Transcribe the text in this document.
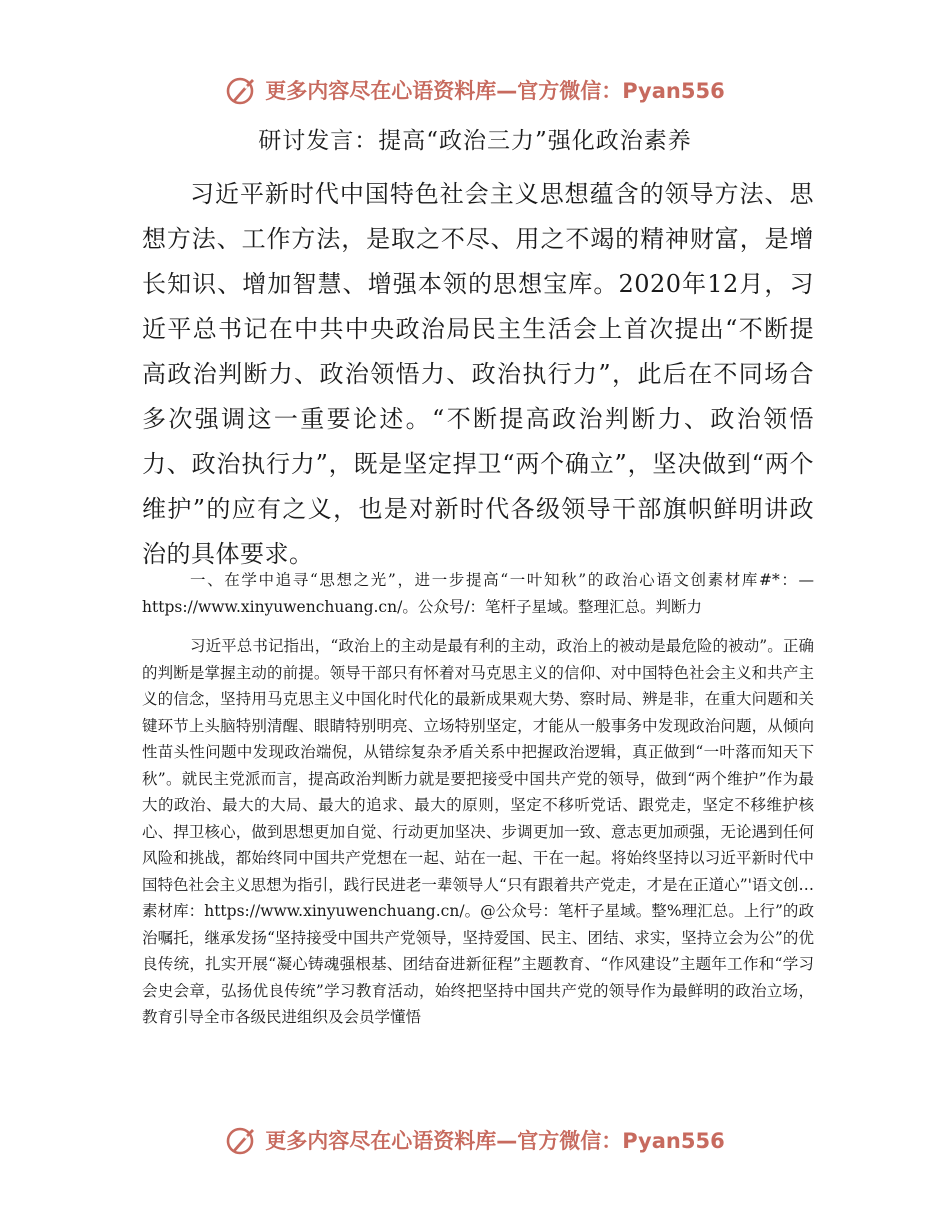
更多内容尽在心语资料库—官方微信：Pyan556
研讨发言：提高“政治三力”强化政治素养

习近平新时代中国特色社会主义思想蕴含的领导方法、思想方法、工作方法，是取之不尽、用之不竭的精神财富，是增长知识、增加智慧、增强本领的思想宝库。2020年12月，习近平总书记在中共中央政治局民主生活会上首次提出“不断提高政治判断力、政治领悟力、政治执行力”，此后在不同场合多次强调这一重要论述。“不断提高政治判断力、政治领悟力、政治执行力”，既是坚定捍卫“两个确立”，坚决做到“两个维护”的应有之义，也是对新时代各级领导干部旗帜鲜明讲政治的具体要求。

一、在学中追寻“思想之光”，进一步提高“一叶知秋”的政治心语文创素材库#*：—https://www.xinyuwenchuang.cn/。公众号/：笔杆子星域。整理汇总。判断力

习近平总书记指出，“政治上的主动是最有利的主动，政治上的被动是最危险的被动”。正确的判断是掌握主动的前提。领导干部只有怀着对马克思主义的信仰、对中国特色社会主义和共产主义的信念，坚持用马克思主义中国化时代化的最新成果观大势、察时局、辨是非，在重大问题和关键环节上头脑特别清醒、眼睛特别明亮、立场特别坚定，才能从一般事务中发现政治问题，从倾向性苗头性问题中发现政治端倪，从错综复杂矛盾关系中把握政治逻辑，真正做到“一叶落而知天下秋”。就民主党派而言，提高政治判断力就是要把接受中国共产党的领导，做到“两个维护”作为最大的政治、最大的大局、最大的追求、最大的原则，坚定不移听党话、跟党走，坚定不移维护核心、捍卫核心，做到思想更加自觉、行动更加坚决、步调更加一致、意志更加顽强，无论遇到任何风险和挑战，都始终同中国共产党想在一起、站在一起、干在一起。将始终坚持以习近平新时代中国特色社会主义思想为指引，践行民进老一辈领导人“只有跟着共产党走，才是在正道心”'语文创…素材库：https://www.xinyuwenchuang.cn/。@公众号：笔杆子星域。整%理汇总。上行”的政治嘱托，继承发扬“坚持接受中国共产党领导，坚持爱国、民主、团结、求实，坚持立会为公”的优良传统，扎实开展“凝心铸魂强根基、团结奋进新征程”主题教育、“作风建设”主题年工作和“学习会史会章，弘扬优良传统”学习教育活动，始终把坚持中国共产党的领导作为最鲜明的政治立场，教育引导全市各级民进组织及会员学懂悟

更多内容尽在心语资料库—官方微信：Pyan556
